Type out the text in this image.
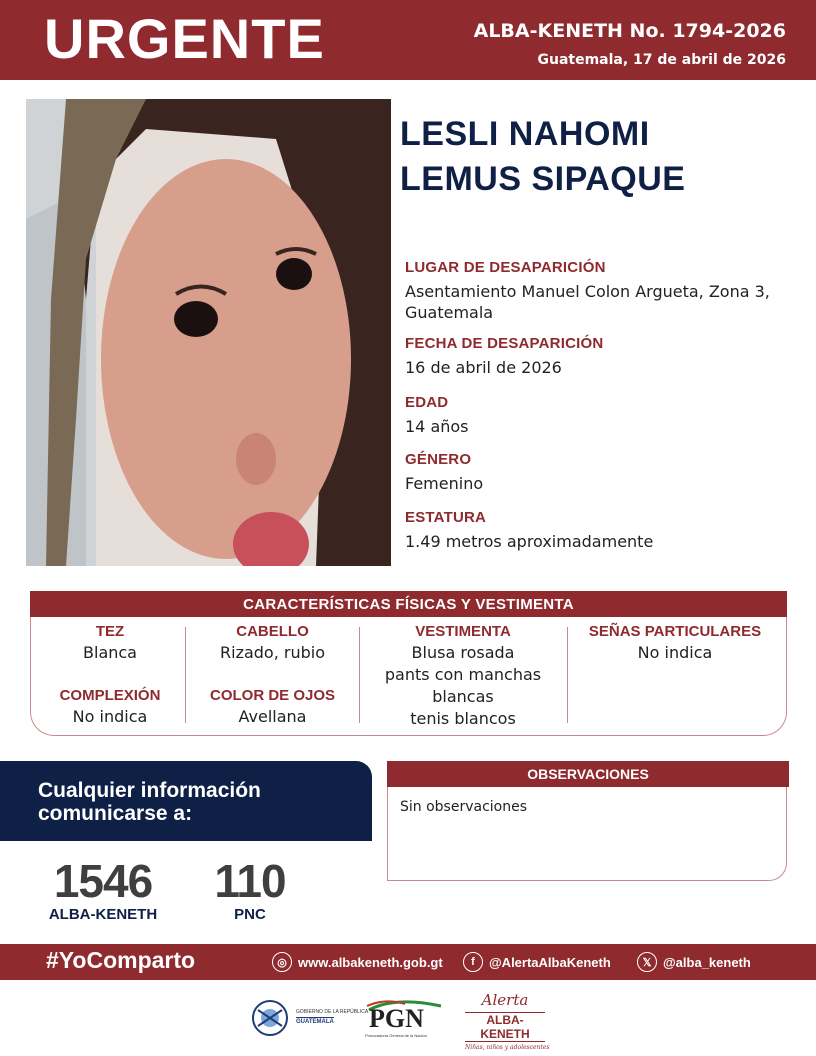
URGENTE	ALBA-KENETH No. 1794-2026
Guatemala, 17 de abril de 2026
LESLI NAHOMI
LEMUS SIPAQUE
LUGAR DE DESAPARICIÓN
Asentamiento Manuel Colon Argueta, Zona 3,
Guatemala
FECHA DE DESAPARICIÓN
16 de abril de 2026
EDAD
14 años
GÉNERO
Femenino
ESTATURA
1.49 metros aproximadamente
CARACTERÍSTICAS FÍSICAS Y VESTIMENTA
TEZ
Blanca
COMPLEXIÓN
No indica
CABELLO
Rizado, rubio
COLOR DE OJOS
Avellana
VESTIMENTA
Blusa rosada
pants con manchas
blancas
tenis blancos
SEÑAS PARTICULARES
No indica
Cualquier información
comunicarse a:
1546
ALBA-KENETH
110
PNC
OBSERVACIONES
Sin observaciones
#YoComparto	◎ www.albakeneth.gob.gt	f	@AlertaAlbaKeneth	𝕏 @alba_keneth
GOBIERNO DE LA REPÚBLICA
GUATEMALA PGN
Procuraduría General de la Nación
Alerta
ALBA-KENETH
Niñas, niños y adolescentes
